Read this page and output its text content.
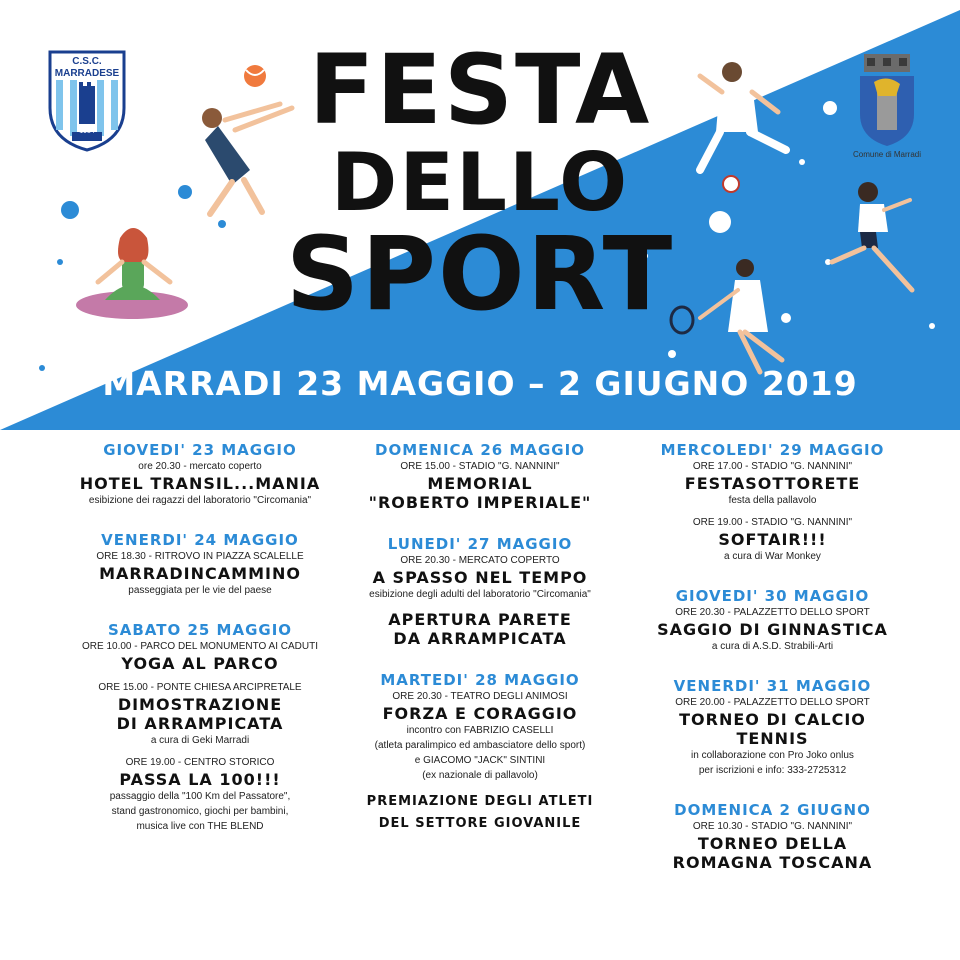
C.S.C.
MARRADESE
1954
Comune di Marradi
FESTA
DELLO
SPORT
MARRADI 23 MAGGIO – 2 GIUGNO 2019
GIOVEDI' 23 MAGGIO
ore 20.30 - mercato coperto
HOTEL TRANSIL...MANIA
esibizione dei ragazzi del laboratorio "Circomania"
VENERDI' 24 MAGGIO
ORE 18.30 - RITROVO IN PIAZZA SCALELLE
MARRADINCAMMINO
passeggiata per le vie del paese
SABATO 25 MAGGIO
ORE 10.00 - PARCO DEL MONUMENTO AI CADUTI
YOGA AL PARCO
ORE 15.00 - PONTE CHIESA ARCIPRETALE
DIMOSTRAZIONE
DI ARRAMPICATA
a cura di Geki Marradi
ORE 19.00 - CENTRO STORICO
PASSA LA 100!!!
passaggio della "100 Km del Passatore",
stand gastronomico, giochi per bambini,
musica live con THE BLEND
DOMENICA 26 MAGGIO
ORE 15.00 - STADIO "G. NANNINI"
MEMORIAL
"ROBERTO IMPERIALE"
LUNEDI' 27 MAGGIO
ORE 20.30 - MERCATO COPERTO
A SPASSO NEL TEMPO
esibizione degli adulti del laboratorio "Circomania"
APERTURA PARETE
DA ARRAMPICATA
MARTEDI' 28 MAGGIO
ORE 20.30 - TEATRO DEGLI ANIMOSI
FORZA E CORAGGIO
incontro con FABRIZIO CASELLI
(atleta paralimpico ed ambasciatore dello sport)
e GIACOMO "JACK" SINTINI
(ex nazionale di pallavolo)
PREMIAZIONE DEGLI ATLETI
DEL SETTORE GIOVANILE
MERCOLEDI' 29 MAGGIO
ORE 17.00 - STADIO "G. NANNINI"
FESTASOTTORETE
festa della pallavolo
ORE 19.00 - STADIO "G. NANNINI"
SOFTAIR!!!
a cura di War Monkey
GIOVEDI' 30 MAGGIO
ORE 20.30 - PALAZZETTO DELLO SPORT
SAGGIO DI GINNASTICA
a cura di A.S.D. Strabili-Arti
VENERDI' 31 MAGGIO
ORE 20.00 - PALAZZETTO DELLO SPORT
TORNEO DI CALCIO TENNIS
in collaborazione con Pro Joko onlus
per iscrizioni e info: 333-2725312
DOMENICA 2 GIUGNO
ORE 10.30 - STADIO "G. NANNINI"
TORNEO DELLA
ROMAGNA TOSCANA
